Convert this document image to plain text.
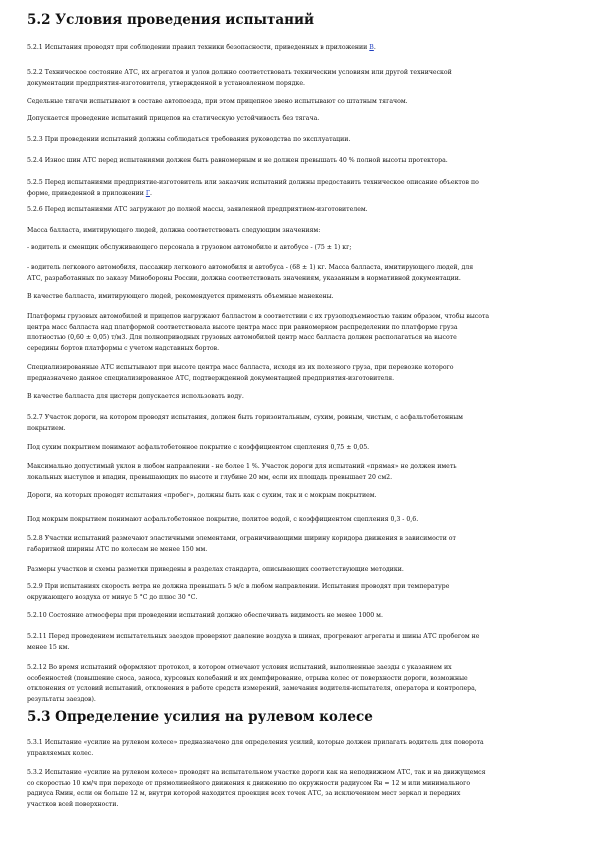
5.2 Условия проведения испытаний
5.2.1 Испытания проводят при соблюдении правил техники безопасности, приведенных в приложении В.
5.2.2 Техническое состояние АТС, их агрегатов и узлов должно соответствовать техническим условиям или другой технической
документации предприятия-изготовителя, утвержденной в установленном порядке.
Седельные тягачи испытывают в составе автопоезда, при этом прицепное звено испытывают со штатным тягачом.
Допускается проведение испытаний прицепов на статическую устойчивость без тягача.
5.2.3 При проведении испытаний должны соблюдаться требования руководства по эксплуатации.
5.2.4 Износ шин АТС перед испытаниями должен быть равномерным и не должен превышать 40 % полной высоты протектора.
5.2.5 Перед испытаниями предприятие-изготовитель или заказчик испытаний должны предоставить техническое описание объектов по
форме, приведенной в приложении Г.
5.2.6 Перед испытаниями АТС загружают до полной массы, заявленной предприятием-изготовителем.
Масса балласта, имитирующего людей, должна соответствовать следующим значениям:
- водитель и сменщик обслуживающего персонала в грузовом автомобиле и автобусе - (75 ± 1) кг;
- водитель легкового автомобиля, пассажир легкового автомобиля и автобуса - (68 ± 1) кг. Масса балласта, имитирующего людей, для
АТС, разработанных по заказу Минобороны России, должна соответствовать значениям, указанным в нормативной документации.
В качестве балласта, имитирующего людей, рекомендуется применять объемные манекены.
Платформы грузовых автомобилей и прицепов нагружают балластом в соответствии с их грузоподъемностью таким образом, чтобы высота
центра масс балласта над платформой соответствовала высоте центра масс при равномерном распределении по платформе груза
плотностью (0,60 ± 0,05) т/м3. Для полноприводных грузовых автомобилей центр масс балласта должен располагаться на высоте
середины бортов платформы с учетом надставных бортов.
Специализированные АТС испытывают при высоте центра масс балласта, исходя из их полезного груза, при перевозке которого
предназначено данное специализированное АТС, подтвержденной документацией предприятия-изготовителя.
В качестве балласта для цистерн допускается использовать воду.
5.2.7 Участок дороги, на котором проводят испытания, должен быть горизонтальным, сухим, ровным, чистым, с асфальтобетонным
покрытием.
Под сухим покрытием понимают асфальтобетонное покрытие с коэффициентом сцепления 0,75 ± 0,05.
Максимально допустимый уклон в любом направлении - не более 1 %. Участок дороги для испытаний «прямая» не должен иметь
локальных выступов и впадин, превышающих по высоте и глубине 20 мм, если их площадь превышает 20 см2.
Дороги, на которых проводят испытания «пробег», должны быть как с сухим, так и с мокрым покрытием.
Под мокрым покрытием понимают асфальтобетонное покрытие, политое водой, с коэффициентом сцепления 0,3 - 0,6.
5.2.8 Участки испытаний размечают эластичными элементами, ограничивающими ширину коридора движения в зависимости от
габаритной ширины АТС по колесам не менее 150 мм.
Размеры участков и схемы разметки приведены в разделах стандарта, описывающих соответствующие методики.
5.2.9 При испытаниях скорость ветра не должна превышать 5 м/с в любом направлении. Испытания проводят при температуре
окружающего воздуха от минус 5 °С до плюс 30 °С.
5.2.10 Состояние атмосферы при проведении испытаний должно обеспечивать видимость не менее 1000 м.
5.2.11 Перед проведением испытательных заездов проверяют давление воздуха в шинах, прогревают агрегаты и шины АТС пробегом не
менее 15 км.
5.2.12 Во время испытаний оформляют протокол, в котором отмечают условия испытаний, выполненные заезды с указанием их
особенностей (повышение сноса, заноса, курсовых колебаний и их демпфирование, отрыва колес от поверхности дороги, возможные
отклонения от условий испытаний, отклонения в работе средств измерений, замечания водителя-испытателя, оператора и контролера,
результаты заездов).
5.3 Определение усилия на рулевом колесе
5.3.1 Испытание «усилие на рулевом колесе» предназначено для определения усилий, которые должен прилагать водитель для поворота
управляемых колес.
5.3.2 Испытание «усилие на рулевом колесе» проводят на испытательном участке дороги как на неподвижном АТС, так и на движущемся
со скоростью 10 км/ч при переходе от прямолинейного движения к движению по окружности радиусом Rн = 12 м или минимального
радиуса Rмин, если он больше 12 м, внутри которой находится проекция всех точек АТС, за исключением мест зеркал и передних
участков всей поверхности.
